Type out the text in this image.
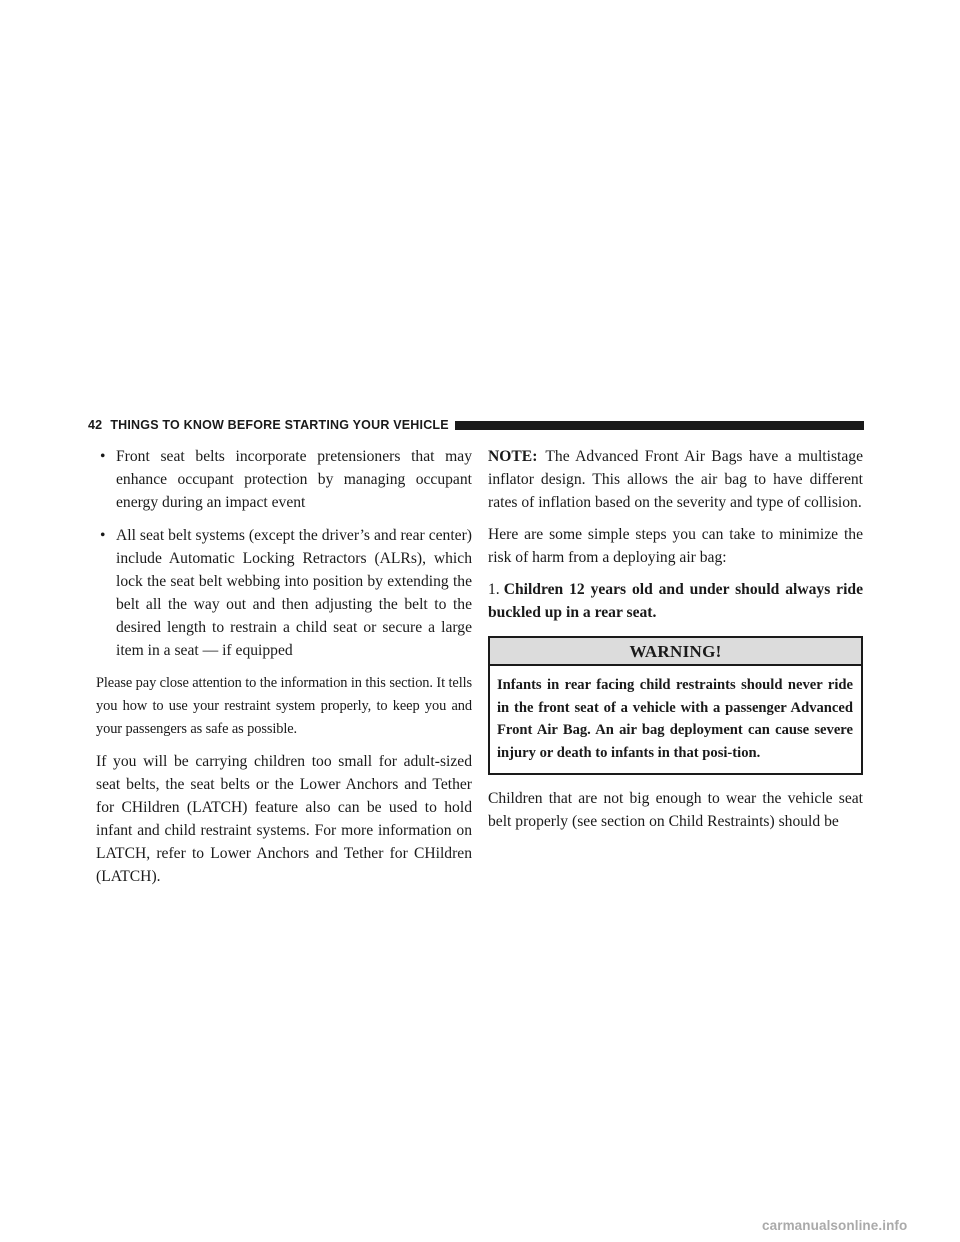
42 THINGS TO KNOW BEFORE STARTING YOUR VEHICLE
• Front seat belts incorporate pretensioners that may enhance occupant protection by managing occupant energy during an impact event
• All seat belt systems (except the driver’s and rear center) include Automatic Locking Retractors (ALRs), which lock the seat belt webbing into position by extending the belt all the way out and then adjusting the belt to the desired length to restrain a child seat or secure a large item in a seat — if equipped

Please pay close attention to the information in this section. It tells you how to use your restraint system properly, to keep you and your passengers as safe as possible.

If you will be carrying children too small for adult-sized seat belts, the seat belts or the Lower Anchors and Tether for CHildren (LATCH) feature also can be used to hold infant and child restraint systems. For more information on LATCH, refer to Lower Anchors and Tether for CHildren (LATCH).

NOTE: The Advanced Front Air Bags have a multistage inflator design. This allows the air bag to have different rates of inflation based on the severity and type of collision.

Here are some simple steps you can take to minimize the risk of harm from a deploying air bag:

1. Children 12 years old and under should always ride buckled up in a rear seat.

WARNING!
Infants in rear facing child restraints should never ride in the front seat of a vehicle with a passenger Advanced Front Air Bag. An air bag deployment can cause severe injury or death to infants in that posi-tion.

Children that are not big enough to wear the vehicle seat belt properly (see section on Child Restraints) should be

carmanualsonline.info
